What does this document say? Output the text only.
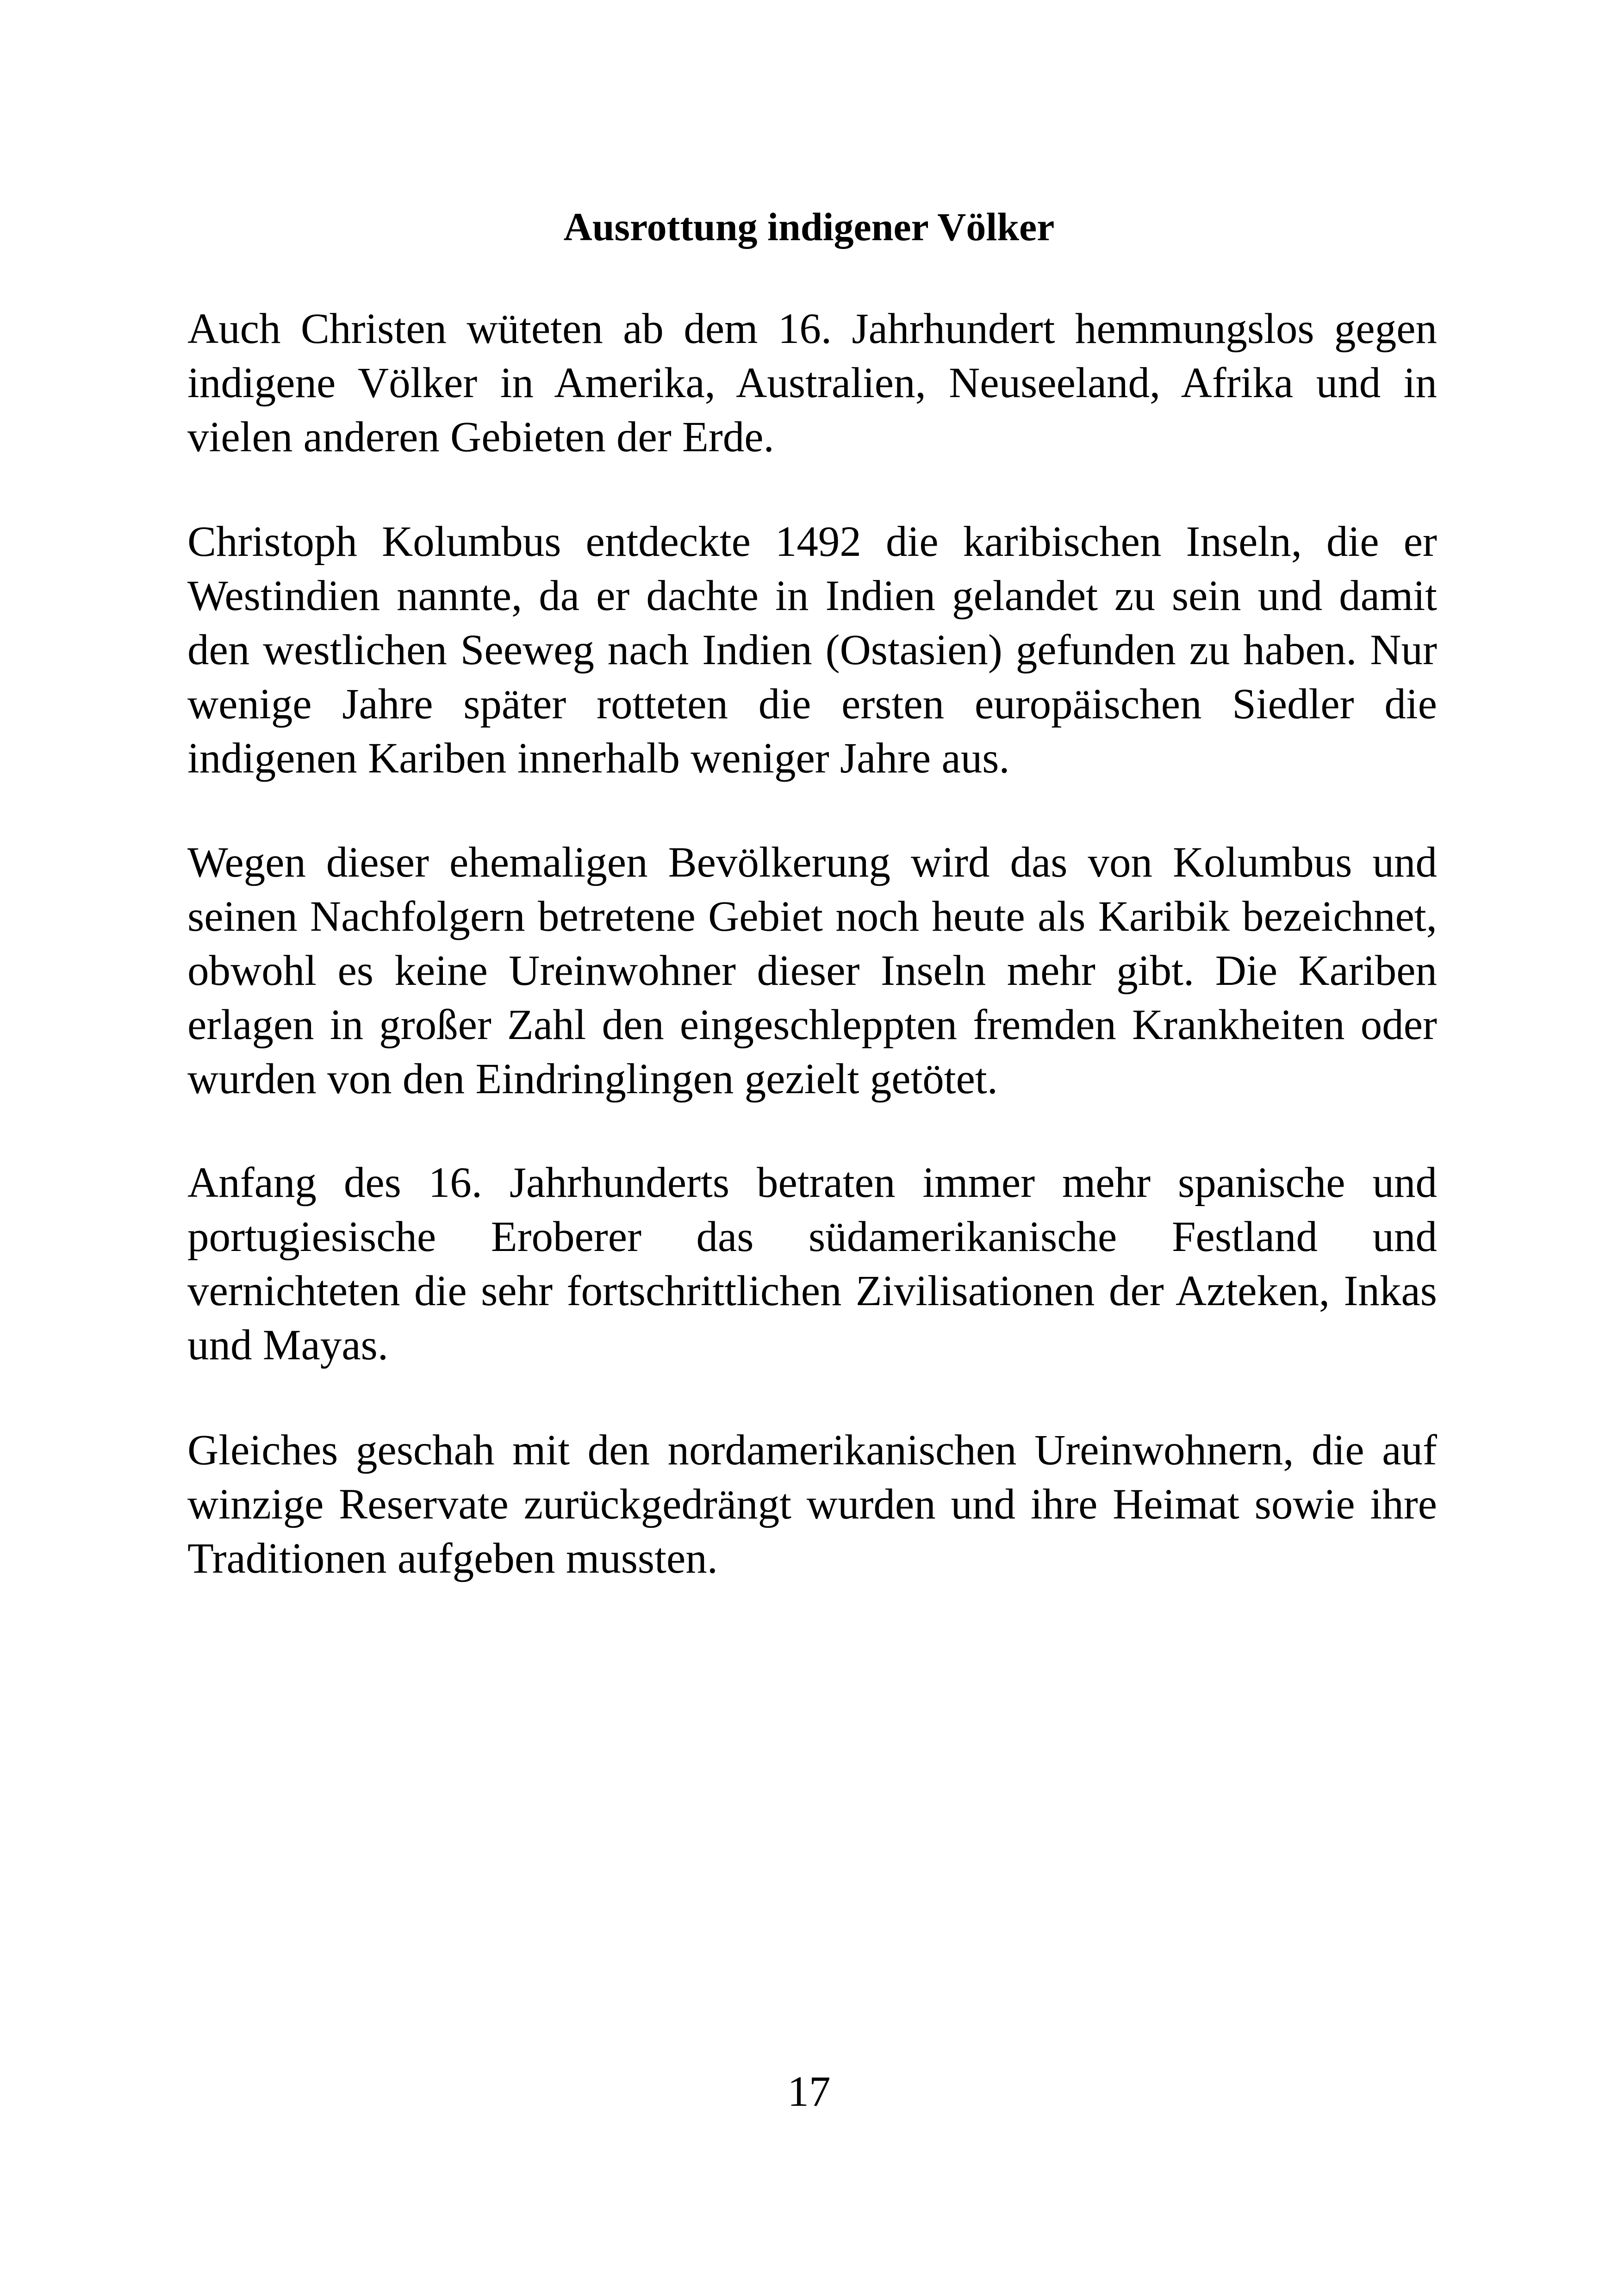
Ausrottung indigener Völker

Auch Christen wüteten ab dem 16. Jahrhundert hemmungslos gegen indigene Völker in Amerika, Australien, Neuseeland, Afrika und in vielen anderen Gebieten der Erde.

Christoph Kolumbus entdeckte 1492 die karibischen Inseln, die er Westindien nannte, da er dachte in Indien gelandet zu sein und damit den westlichen Seeweg nach Indien (Ostasien) gefunden zu haben. Nur wenige Jahre später rotteten die ersten europäischen Siedler die indigenen Kariben innerhalb weniger Jahre aus.

Wegen dieser ehemaligen Bevölkerung wird das von Kolumbus und seinen Nachfolgern betretene Gebiet noch heute als Karibik bezeichnet, obwohl es keine Ureinwohner dieser Inseln mehr gibt. Die Kariben erlagen in großer Zahl den eingeschleppten fremden Krankheiten oder wurden von den Eindringlingen gezielt getötet.

Anfang des 16. Jahrhunderts betraten immer mehr spanische und portugiesische Eroberer das südamerikanische Festland und vernichteten die sehr fortschrittlichen Zivilisationen der Azteken, Inkas und Mayas.

Gleiches geschah mit den nordamerikanischen Ureinwohnern, die auf winzige Reservate zurückgedrängt wurden und ihre Heimat sowie ihre Traditionen aufgeben mussten.

17
